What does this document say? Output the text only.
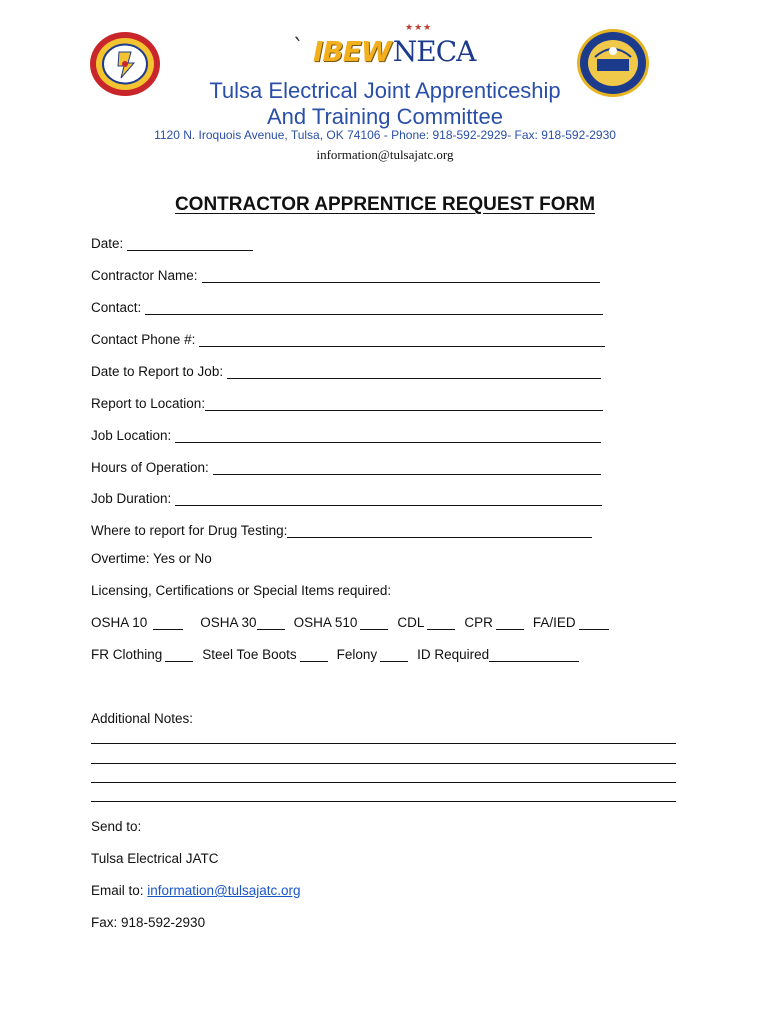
`
★★★
IBEW NECA
Tulsa Electrical Joint Apprenticeship
And Training Committee
1120 N. Iroquois Avenue, Tulsa, OK 74106 - Phone: 918-592-2929- Fax: 918-592-2930
information@tulsajatc.org
CONTRACTOR APPRENTICE REQUEST FORM
Date:
Contractor Name:
Contact:
Contact Phone #:
Date to Report to Job:
Report to Location:
Job Location:
Hours of Operation:
Job Duration:
Where to report for Drug Testing:
Overtime: Yes or No
Licensing, Certifications or Special Items required:
OSHA 10	OSHA 30	OSHA 510	CDL	CPR	FA/IED
FR Clothing	Steel Toe Boots	Felony	ID Required
Additional Notes:
Send to:
Tulsa Electrical JATC
Email to: information@tulsajatc.org
Fax: 918-592-2930
